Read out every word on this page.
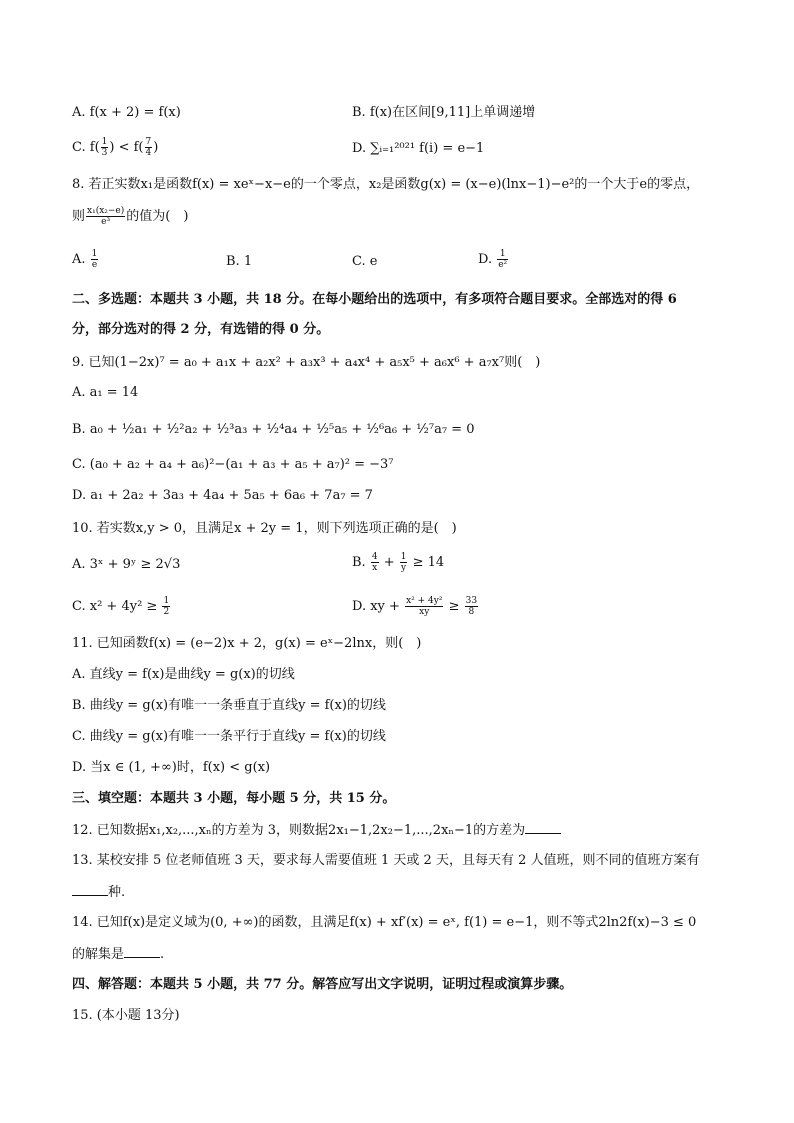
A. f(x + 2) = f(x)	B. f(x)在区间[9,11]上单调递增
C. $f( \frac{1}{3}$ ) < $f( \frac{7}{4}$ )	D. ∑ᵢ₌₁²⁰²¹ f(i) = e−1
8. 若正实数x₁是函数f(x) = xeˣ−x−e的一个零点，x₂是函数g(x) = (x−e)(lnx−1)−e²的一个大于e的零点，
则 $\frac{\text{x₁(x₂−e)}}{\text{e³}}$ 的值为(　)
A. $\frac{1}{e}$	B. 1	C. e	D. $\frac{1}{\text{e²}}$
二、多选题：本题共 3 小题，共 18 分。在每小题给出的选项中，有多项符合题目要求。全部选对的得 6
分，部分选对的得 2 分，有选错的得 0 分。
9. 已知(1−2x)⁷ = a₀ + a₁x + a₂x² + a₃x³ + a₄x⁴ + a₅x⁵ + a₆x⁶ + a₇x⁷则(　)
A. a₁ = 14
B. a₀ + ½a₁ + ¹⁄₂²a₂ + ¹⁄₂³a₃ + ¹⁄₂⁴a₄ + ¹⁄₂⁵a₅ + ¹⁄₂⁶a₆ + ¹⁄₂⁷a₇ = 0
C. (a₀ + a₂ + a₄ + a₆)²−(a₁ + a₃ + a₅ + a₇)² = −3⁷
D. a₁ + 2a₂ + 3a₃ + 4a₄ + 5a₅ + 6a₆ + 7a₇ = 7
10. 若实数x,y > 0，且满足x + 2y = 1，则下列选项正确的是(　)
A. 3ˣ + 9ʸ ≥ 2√3	B. $\frac{4}{x} + \frac{1}{y} \ge 14$
C. $x^2 + 4y^2 \ge \frac{1}{2}$	D. xy + $\frac{\text{x² + 4y²}}{xy} \ge \frac{33}{8}$
11. 已知函数f(x) = (e−2)x + 2，g(x) = eˣ−2lnx，则(　)
A. 直线y = f(x)是曲线y = g(x)的切线
B. 曲线y = g(x)有唯一一条垂直于直线y = f(x)的切线
C. 曲线y = g(x)有唯一一条平行于直线y = f(x)的切线
D. 当x ∈ (1, +∞)时，f(x) < g(x)
三、填空题：本题共 3 小题，每小题 5 分，共 15 分。
12. 已知数据x₁,x₂,...,xₙ的方差为 3，则数据2x₁−1,2x₂−1,...,2xₙ−1的方差为
13. 某校安排 5 位老师值班 3 天，要求每人需要值班 1 天或 2 天，且每天有 2 人值班，则不同的值班方案有
种.
14. 已知f(x)是定义域为(0, +∞)的函数，且满足f(x) + xf′(x) = eˣ, f(1) = e−1，则不等式2ln2f(x)−3 ≤ 0
的解集是	.
四、解答题：本题共 5 小题，共 77 分。解答应写出文字说明，证明过程或演算步骤。
15. (本小题 13分)
